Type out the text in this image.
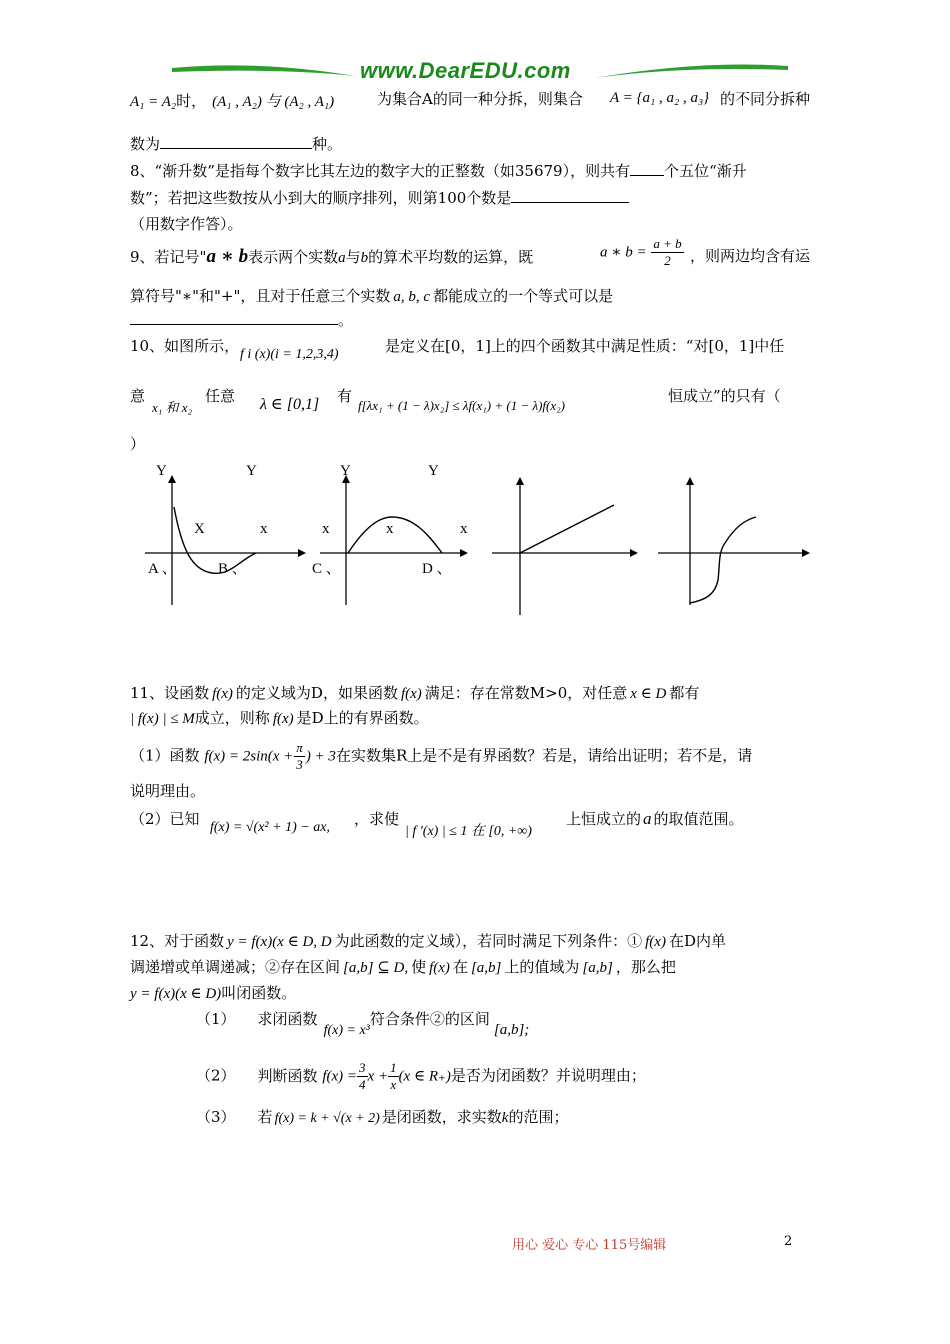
www.DearEDU.com
A₁ = A₂时， (A₁ , A₂) 与 (A₂ , A₁)	为集合A的同一种分拆，则集合 A = {a₁ , a₂ , a₃} 的不同分拆种
数为	种。
8、“渐升数”是指每个数字比其左边的数字大的正整数（如35679），则共有 个五位“渐升
数”；若把这些数按从小到大的顺序排列，则第100个数是
（用数字作答）。
9、若记号"a ∗ b表示两个实数a与b的算术平均数的运算，既	a ∗ $b = \frac{a + b}{2}$ ，则两边均含有运
算符号"∗"和"+"，且对于任意三个实数 a, b, c 都能成立的一个等式可以是
。
10、如图所示， f i (x)(i = 1,2,3,4)	是定义在[0，1]上的四个函数其中满足性质：“对[0，1]中任
意
x₁ 和 x₂
任意 λ ∈ [0,1] 有
f[λx₁ + (1 − λ)x₂] ≤ λf(x₁) + (1 − λ)f(x₂)
恒成立”的只有（
）
Y	Y	Y	Y
X	x	x	x	x
A 、	B 、	C 、	D 、
11、设函数 f(x) 的定义域为D，如果函数 f(x) 满足：存在常数M>0，对任意 x ∈ D 都有
| f(x) | ≤ M成立，则称 f(x) 是D上的有界函数。
（1）函数 $f(x) = 2\sin(x + \frac{\pi}{3}$ ) + 3在实数集R上是不是有界函数？若是，请给出证明；若不是，请
说明理由。
（2）已知 f(x) = √(x² + 1) − ax, ，求使
| f ′(x) | ≤ 1 在 [0, +∞)
上恒成立的 a 的取值范围。
12、对于函数 y = f(x)(x ∈ D, D 为此函数的定义域），若同时满足下列条件：① f(x) 在D内单
调递增或单调递减；②存在区间 [a,b] ⊆ D, 使 f(x) 在 [a,b] 上的值域为 [a,b] ，那么把
y = f(x)(x ∈ D)叫闭函数。
（1） 求闭函数f(x) = x³符合条件②的区间[a,b];
（2） 判断函数 $f(x) = \frac{3}{4}$ $x + \frac{1}{x} (x$ ∈ R₊)是否为闭函数？并说明理由；
（3） 若 f(x) = k + √(x + 2) 是闭函数，求实数k的范围；
用心 爱心 专心 115号编辑	2
